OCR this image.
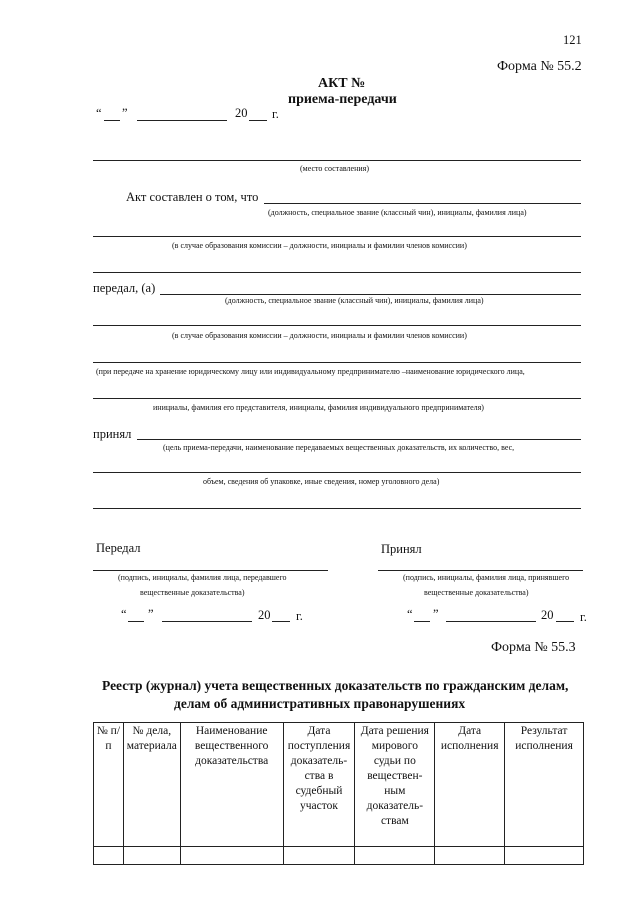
121
Форма № 55.2
АКТ №
приема-передачи
“ ”	20 г.
(место составления)
Акт составлен о том, что
(должность, специальное звание (классный чин), инициалы, фамилия лица)
(в случае образования комиссии – должности, инициалы и фамилии членов комиссии)
передал, (а)
(должность, специальное звание (классный чин), инициалы, фамилия лица)
(в случае образования комиссии – должности, инициалы и фамилии членов комиссии)
(при передаче на хранение юридическому лицу или индивидуальному предпринимателю –наименование юридического лица,
инициалы, фамилия его представителя, инициалы, фамилия индивидуального предпринимателя)
принял
(цель приема-передачи, наименование передаваемых вещественных доказательств, их количество, вес,
объем, сведения об упаковке, иные сведения, номер уголовного дела)
Передал	Принял
(подпись, инициалы, фамилия лица, передавшего
вещественные доказательства)
(подпись, инициалы, фамилия лица, принявшего
вещественные доказательства)
“ ”	20 г.	“ ”	20 г.
Форма № 55.3
Реестр (журнал) учета вещественных доказательств по гражданским делам,
делам об административных правонарушениях
№ п/п	№ дела, материала	Наименование вещественного доказательства	Дата поступления доказатель-ства в судебный участок	Дата решения мирового судьи по веществен-ным доказатель-ствам	Дата исполнения	Результат исполнения
